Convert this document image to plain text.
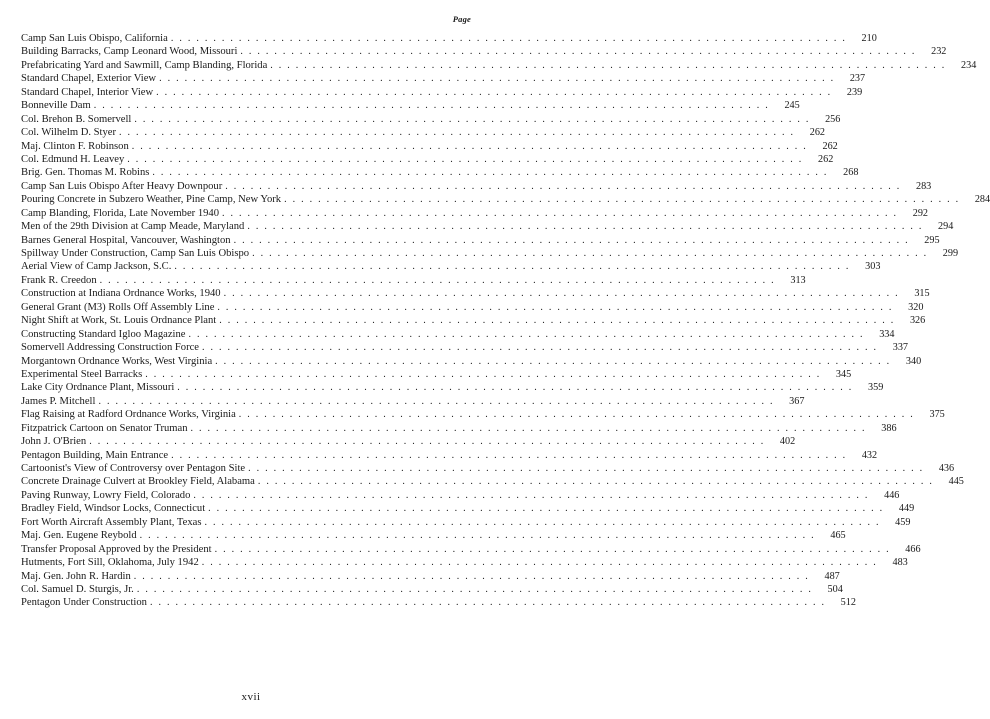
Page
Camp San Luis Obispo, California ................................................................................	210
Building Barracks, Camp Leonard Wood, Missouri ................................................................................	232
Prefabricating Yard and Sawmill, Camp Blanding, Florida ................................................................................	234
Standard Chapel, Exterior View ................................................................................	237
Standard Chapel, Interior View ................................................................................	239
Bonneville Dam ................................................................................	245
Col. Brehon B. Somervell ................................................................................	256
Col. Wilhelm D. Styer ................................................................................	262
Maj. Clinton F. Robinson ................................................................................	262
Col. Edmund H. Leavey ................................................................................	262
Brig. Gen. Thomas M. Robins ................................................................................	268
Camp San Luis Obispo After Heavy Downpour ................................................................................	283
Pouring Concrete in Subzero Weather, Pine Camp, New York ................................................................................	284
Camp Blanding, Florida, Late November 1940 ................................................................................	292
Men of the 29th Division at Camp Meade, Maryland ................................................................................	294
Barnes General Hospital, Vancouver, Washington ................................................................................	295
Spillway Under Construction, Camp San Luis Obispo ................................................................................	299
Aerial View of Camp Jackson, S.C. ................................................................................	303
Frank R. Creedon ................................................................................	313
Construction at Indiana Ordnance Works, 1940 ................................................................................	315
General Grant (M3) Rolls Off Assembly Line ................................................................................	320
Night Shift at Work, St. Louis Ordnance Plant ................................................................................	326
Constructing Standard Igloo Magazine ................................................................................	334
Somervell Addressing Construction Force ................................................................................	337
Morgantown Ordnance Works, West Virginia ................................................................................	340
Experimental Steel Barracks ................................................................................	345
Lake City Ordnance Plant, Missouri ................................................................................	359
James P. Mitchell ................................................................................	367
Flag Raising at Radford Ordnance Works, Virginia ................................................................................	375
Fitzpatrick Cartoon on Senator Truman ................................................................................	386
John J. O'Brien ................................................................................	402
Pentagon Building, Main Entrance ................................................................................	432
Cartoonist's View of Controversy over Pentagon Site ................................................................................	436
Concrete Drainage Culvert at Brookley Field, Alabama ................................................................................	445
Paving Runway, Lowry Field, Colorado ................................................................................	446
Bradley Field, Windsor Locks, Connecticut ................................................................................	449
Fort Worth Aircraft Assembly Plant, Texas ................................................................................	459
Maj. Gen. Eugene Reybold ................................................................................	465
Transfer Proposal Approved by the President ................................................................................	466
Hutments, Fort Sill, Oklahoma, July 1942 ................................................................................	483
Maj. Gen. John R. Hardin ................................................................................	487
Col. Samuel D. Sturgis, Jr. ................................................................................	504
Pentagon Under Construction ................................................................................	512
xvii
